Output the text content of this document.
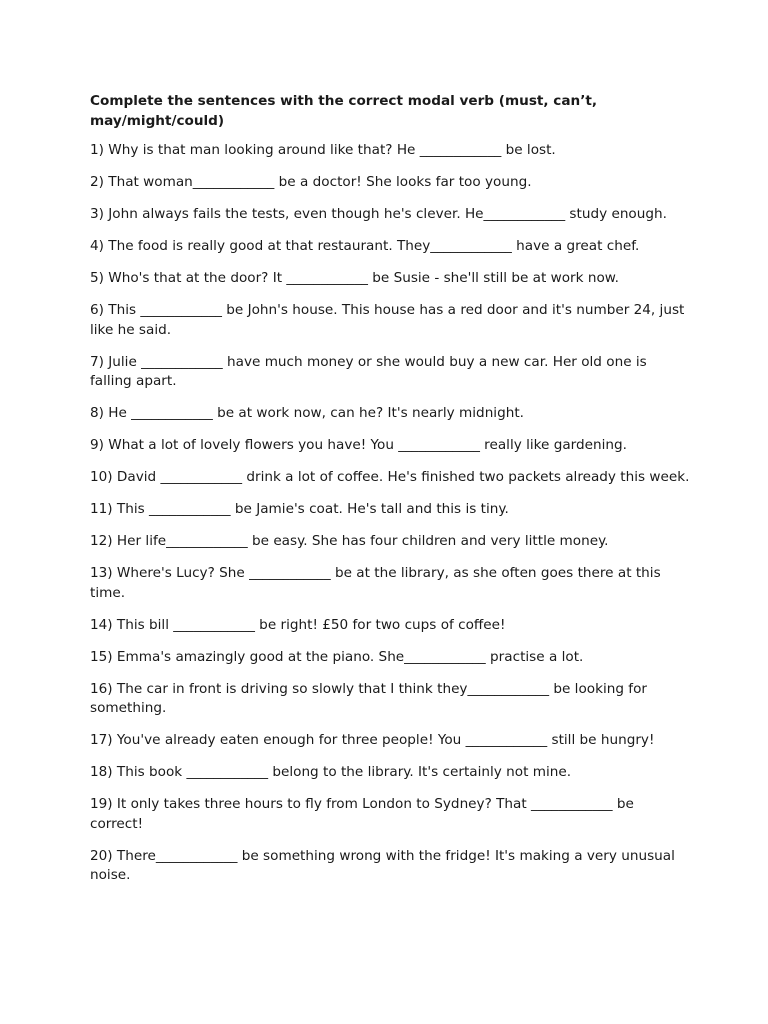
Complete the sentences with the correct modal verb (must, can’t, may/might/could)
1) Why is that man looking around like that? He ____________ be lost.
2) That woman____________ be a doctor! She looks far too young.
3) John always fails the tests, even though he's clever. He____________ study enough.
4) The food is really good at that restaurant. They____________ have a great chef.
5) Who's that at the door? It ____________ be Susie - she'll still be at work now.
6) This ____________ be John's house. This house has a red door and it's number 24, just like he said.
7) Julie ____________ have much money or she would buy a new car. Her old one is falling apart.
8) He ____________ be at work now, can he? It's nearly midnight.
9) What a lot of lovely flowers you have! You ____________ really like gardening.
10) David ____________ drink a lot of coffee. He's finished two packets already this week.
11) This ____________ be Jamie's coat. He's tall and this is tiny.
12) Her life____________ be easy. She has four children and very little money.
13) Where's Lucy? She ____________ be at the library, as she often goes there at this time.
14) This bill ____________ be right! £50 for two cups of coffee!
15) Emma's amazingly good at the piano. She____________ practise a lot.
16) The car in front is driving so slowly that I think they____________ be looking for something.
17) You've already eaten enough for three people! You ____________ still be hungry!
18) This book ____________ belong to the library. It's certainly not mine.
19) It only takes three hours to fly from London to Sydney? That ____________ be correct!
20) There____________ be something wrong with the fridge! It's making a very unusual noise.
